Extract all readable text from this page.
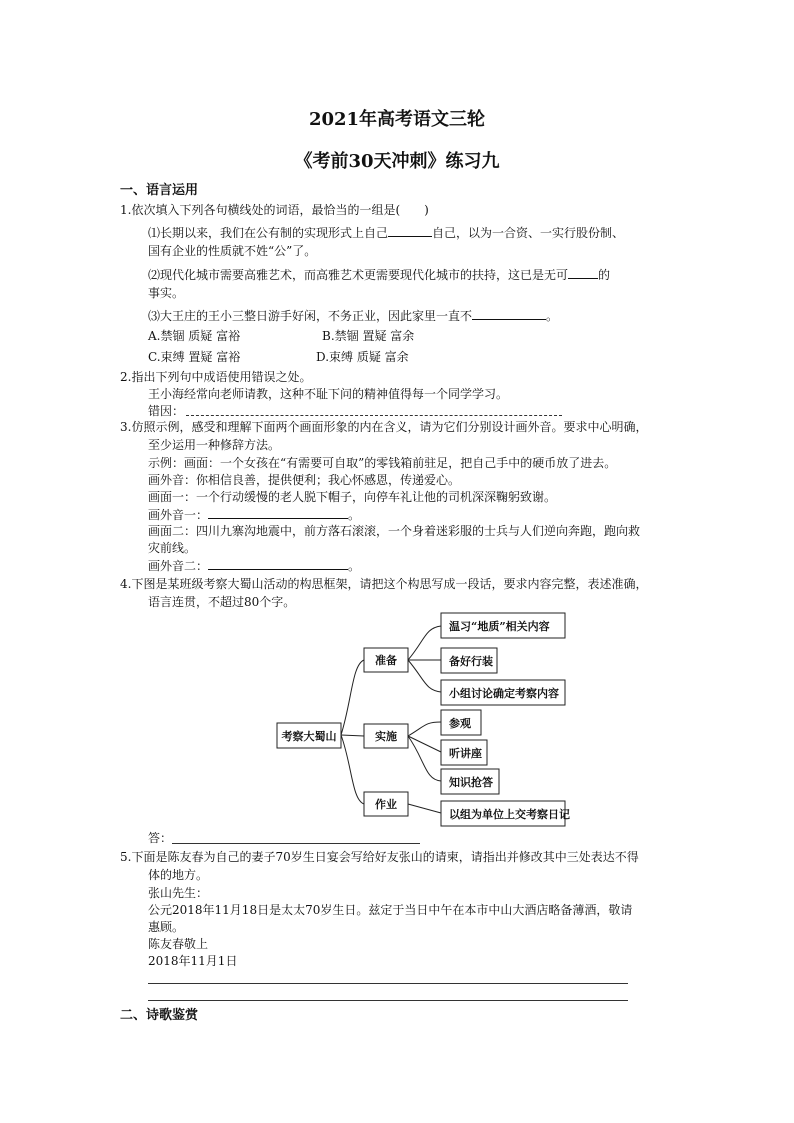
2021年高考语文三轮
《考前30天冲刺》练习九
一、语言运用
1.依次填入下列各句横线处的词语，最恰当的一组是(　　)
⑴长期以来，我们在公有制的实现形式上自己	自己，以为一合资、一实行股份制、
国有企业的性质就不姓“公”了。
⑵现代化城市需要高雅艺术，而高雅艺术更需要现代化城市的扶持，这已是无可	的
事实。
⑶大王庄的王小三整日游手好闲，不务正业，因此家里一直不	。
A.禁锢 质疑 富裕	B.禁锢 置疑 富余
C.束缚 置疑 富裕	D.束缚 质疑 富余
2.指出下列句中成语使用错误之处。
王小海经常向老师请教，这种不耻下问的精神值得每一个同学学习。
错因：
3.仿照示例，感受和理解下面两个画面形象的内在含义，请为它们分别设计画外音。要求中心明确，
至少运用一种修辞方法。
示例：画面：一个女孩在“有需要可自取”的零钱箱前驻足，把自己手中的硬币放了进去。
画外音：你相信良善，提供便利；我心怀感恩，传递爱心。
画面一：一个行动缓慢的老人脱下帽子，向停车礼让他的司机深深鞠躬致谢。
画外音一：	。
画面二：四川九寨沟地震中，前方落石滚滚，一个身着迷彩服的士兵与人们逆向奔跑，跑向救
灾前线。
画外音二：	。
4.下图是某班级考察大蜀山活动的构思框架，请把这个构思写成一段话，要求内容完整，表述准确，
语言连贯，不超过80个字。
考察大蜀山
准备
实施
作业
温习“地质”相关内容
备好行装
小组讨论确定考察内容
参观
听讲座
知识抢答
以组为单位上交考察日记
答：
5.下面是陈友春为自己的妻子70岁生日宴会写给好友张山的请柬，请指出并修改其中三处表达不得
体的地方。
张山先生：
公元2018年11月18日是太太70岁生日。兹定于当日中午在本市中山大酒店略备薄酒，敬请
惠顾。
陈友春敬上
2018年11月1日
二、诗歌鉴赏
